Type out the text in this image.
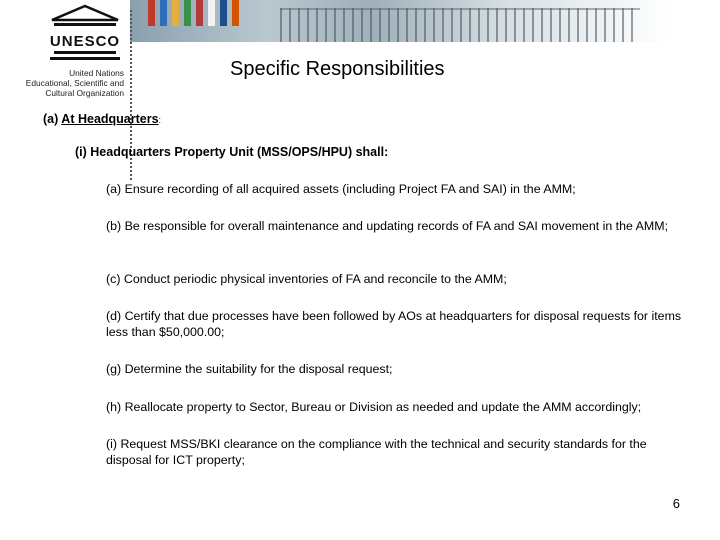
UNESCO
United Nations
Educational, Scientific and
Cultural Organization
Specific Responsibilities
(a) At Headquarters:
(i) Headquarters Property Unit (MSS/OPS/HPU) shall:
(a) Ensure recording of all acquired assets (including Project FA and SAI) in the AMM;
(b) Be responsible for overall maintenance and updating records of FA and SAI movement in the AMM;
(c) Conduct periodic physical inventories of FA and reconcile to the AMM;
(d) Certify that due processes have been followed by AOs at headquarters for disposal requests for items less than $50,000.00;
(g) Determine the suitability for the disposal request;
(h) Reallocate property to Sector, Bureau or Division as needed and update the AMM accordingly;
(i) Request MSS/BKI clearance on the compliance with the technical and security standards for the disposal for ICT property;
6
